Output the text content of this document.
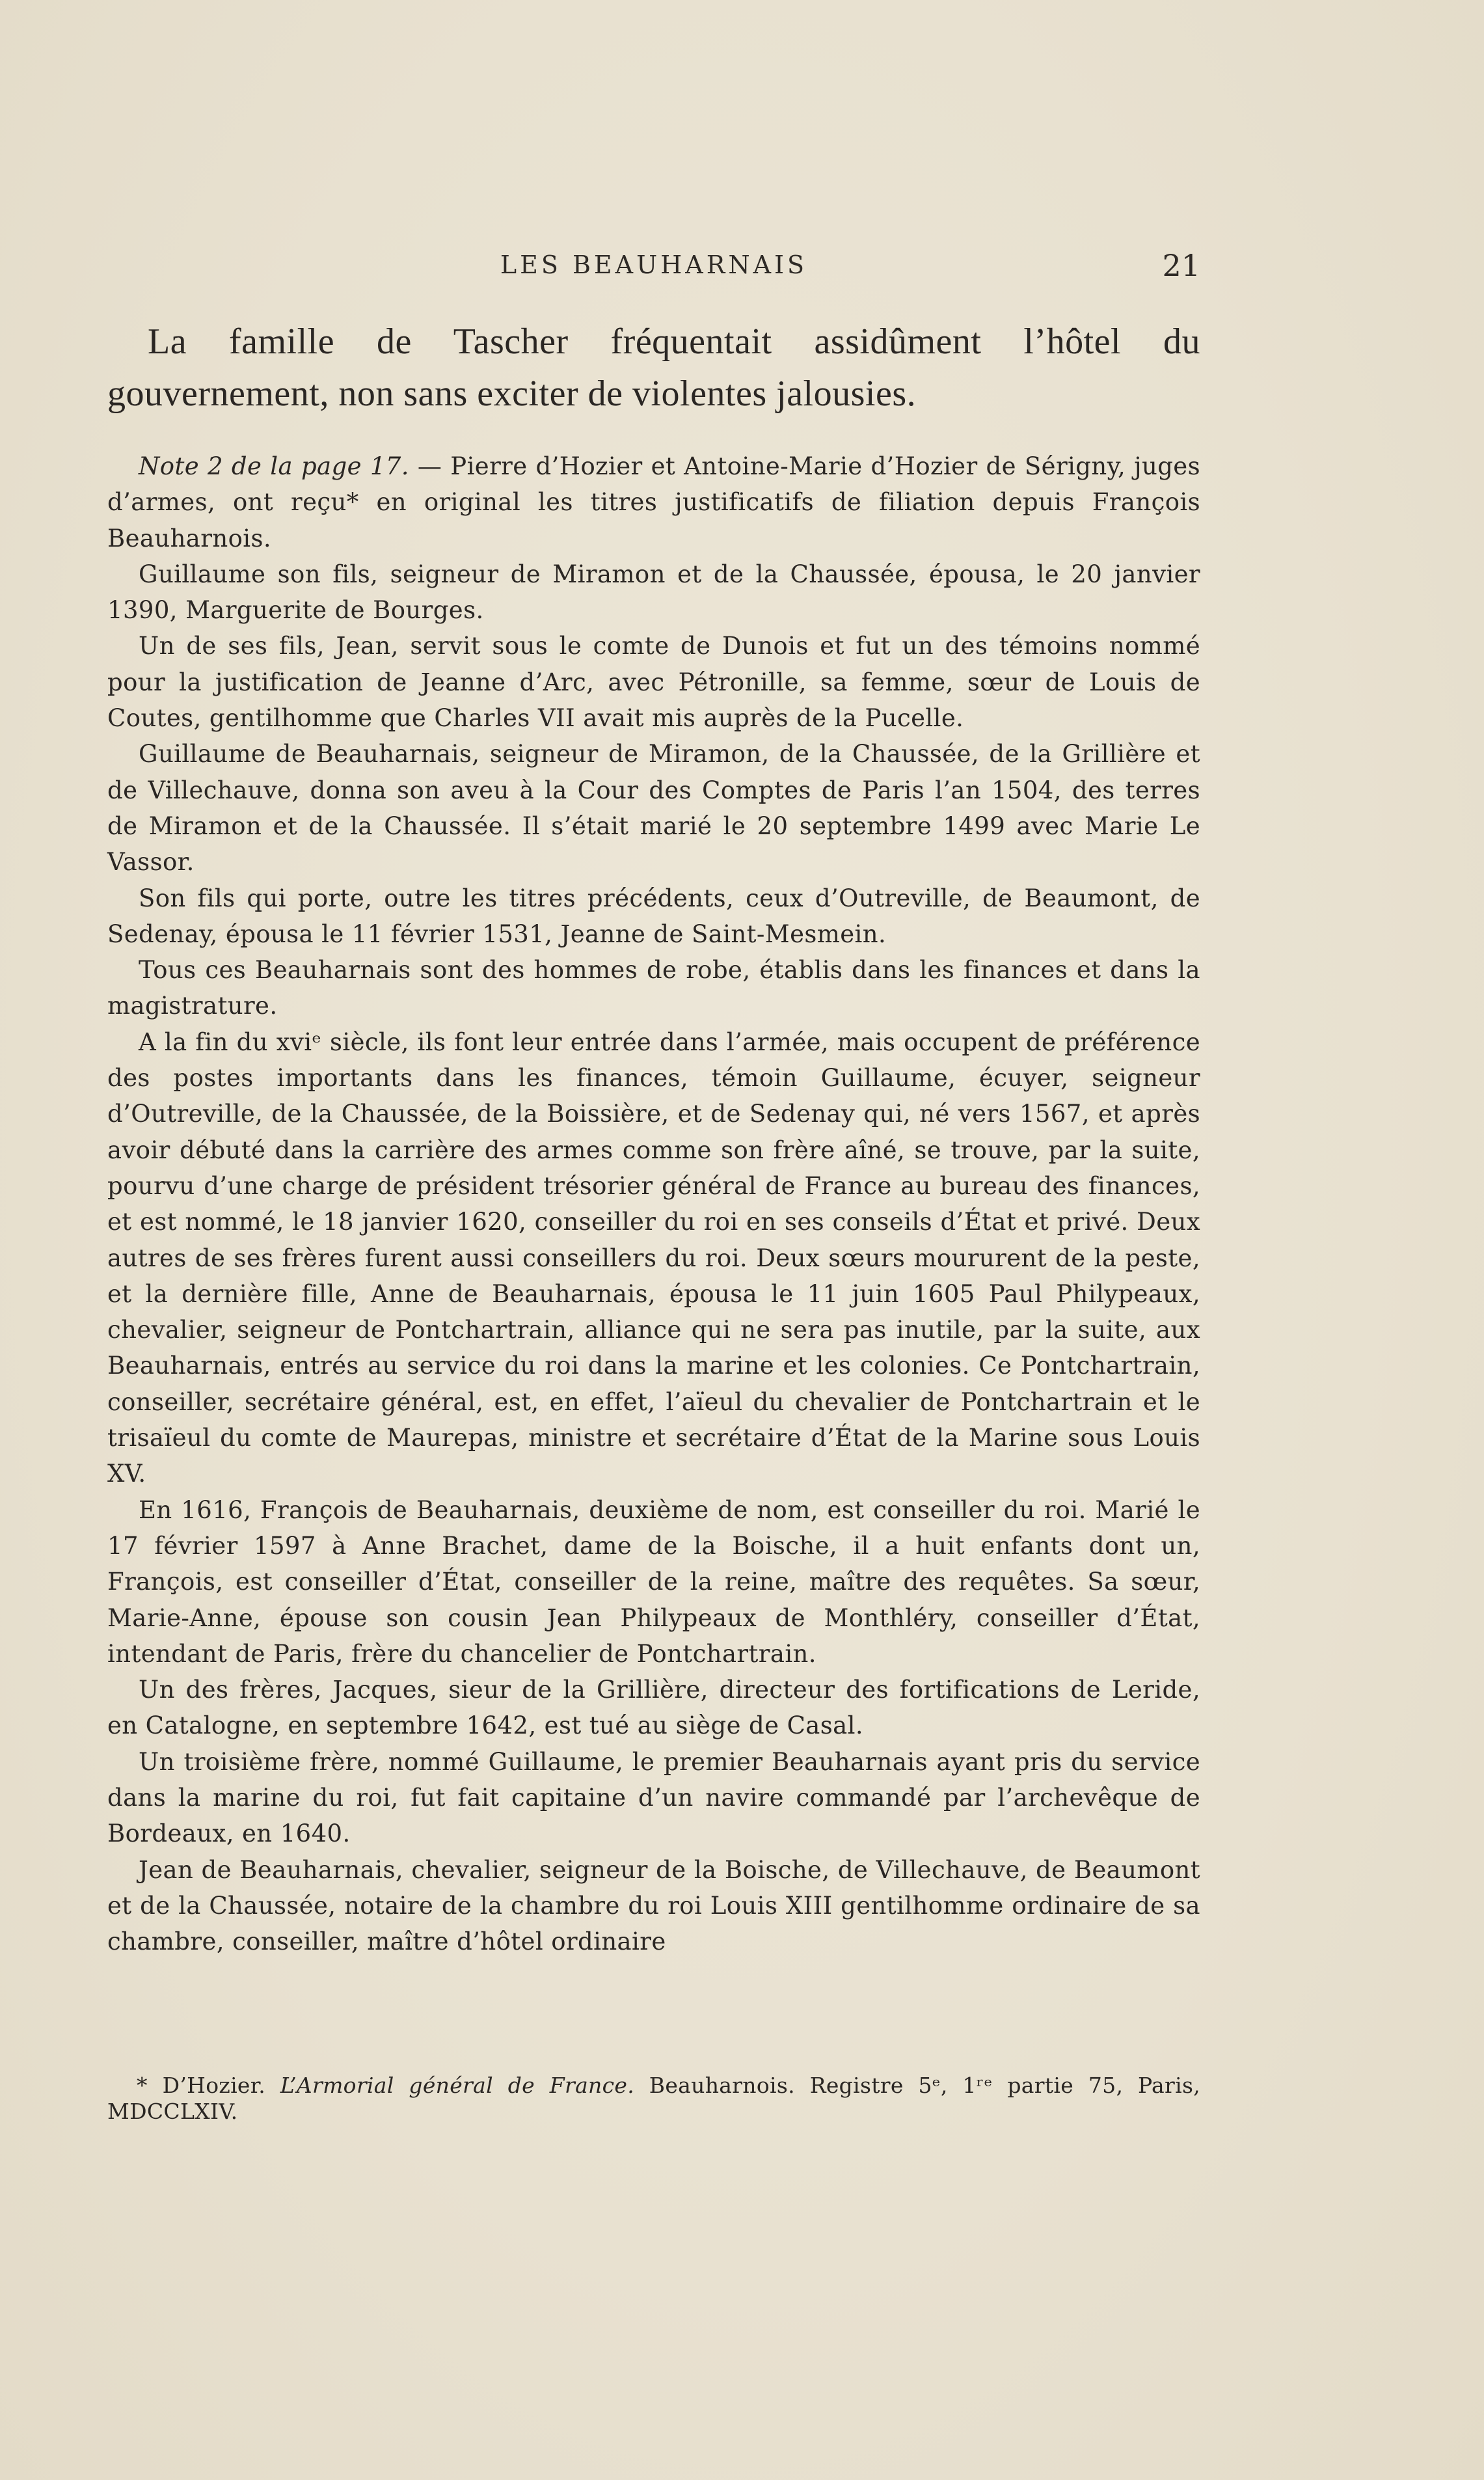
LES BEAUHARNAIS	21

La famille de Tascher fréquentait assidûment l’hôtel du gouvernement, non sans exciter de violentes jalousies.

Note 2 de la page 17. — Pierre d’Hozier et Antoine-Marie d’Hozier de Sérigny, juges d’armes, ont reçu* en original les titres justificatifs de filiation depuis François Beauharnois.

Guillaume son fils, seigneur de Miramon et de la Chaussée, épousa, le 20 janvier 1390, Marguerite de Bourges.

Un de ses fils, Jean, servit sous le comte de Dunois et fut un des témoins nommé pour la justification de Jeanne d’Arc, avec Pétronille, sa femme, sœur de Louis de Coutes, gentilhomme que Charles VII avait mis auprès de la Pucelle.

Guillaume de Beauharnais, seigneur de Miramon, de la Chaussée, de la Grillière et de Villechauve, donna son aveu à la Cour des Comptes de Paris l’an 1504, des terres de Miramon et de la Chaussée. Il s’était marié le 20 septembre 1499 avec Marie Le Vassor.

Son fils qui porte, outre les titres précédents, ceux d’Outreville, de Beaumont, de Sedenay, épousa le 11 février 1531, Jeanne de Saint-Mesmein.

Tous ces Beauharnais sont des hommes de robe, établis dans les finances et dans la magistrature.

A la fin du xviᵉ siècle, ils font leur entrée dans l’armée, mais occupent de préférence des postes importants dans les finances, témoin Guillaume, écuyer, seigneur d’Outreville, de la Chaussée, de la Boissière, et de Sedenay qui, né vers 1567, et après avoir débuté dans la carrière des armes comme son frère aîné, se trouve, par la suite, pourvu d’une charge de président trésorier général de France au bureau des finances, et est nommé, le 18 janvier 1620, conseiller du roi en ses conseils d’État et privé. Deux autres de ses frères furent aussi conseillers du roi. Deux sœurs moururent de la peste, et la dernière fille, Anne de Beauharnais, épousa le 11 juin 1605 Paul Philypeaux, chevalier, seigneur de Pontchartrain, alliance qui ne sera pas inutile, par la suite, aux Beauharnais, entrés au service du roi dans la marine et les colonies. Ce Pontchartrain, conseiller, secrétaire général, est, en effet, l’aïeul du chevalier de Pontchartrain et le trisaïeul du comte de Maurepas, ministre et secrétaire d’État de la Marine sous Louis XV.

En 1616, François de Beauharnais, deuxième de nom, est conseiller du roi. Marié le 17 février 1597 à Anne Brachet, dame de la Boische, il a huit enfants dont un, François, est conseiller d’État, conseiller de la reine, maître des requêtes. Sa sœur, Marie-Anne, épouse son cousin Jean Philypeaux de Monthléry, conseiller d’État, intendant de Paris, frère du chancelier de Pontchartrain.

Un des frères, Jacques, sieur de la Grillière, directeur des fortifications de Leride, en Catalogne, en septembre 1642, est tué au siège de Casal.

Un troisième frère, nommé Guillaume, le premier Beauharnais ayant pris du service dans la marine du roi, fut fait capitaine d’un navire commandé par l’archevêque de Bordeaux, en 1640.

Jean de Beauharnais, chevalier, seigneur de la Boische, de Villechauve, de Beaumont et de la Chaussée, notaire de la chambre du roi Louis XIII gentilhomme ordinaire de sa chambre, conseiller, maître d’hôtel ordinaire

* D’Hozier. L’Armorial général de France. Beauharnois. Registre 5ᵉ, 1ʳᵉ partie 75, Paris, MDCCLXIV.
